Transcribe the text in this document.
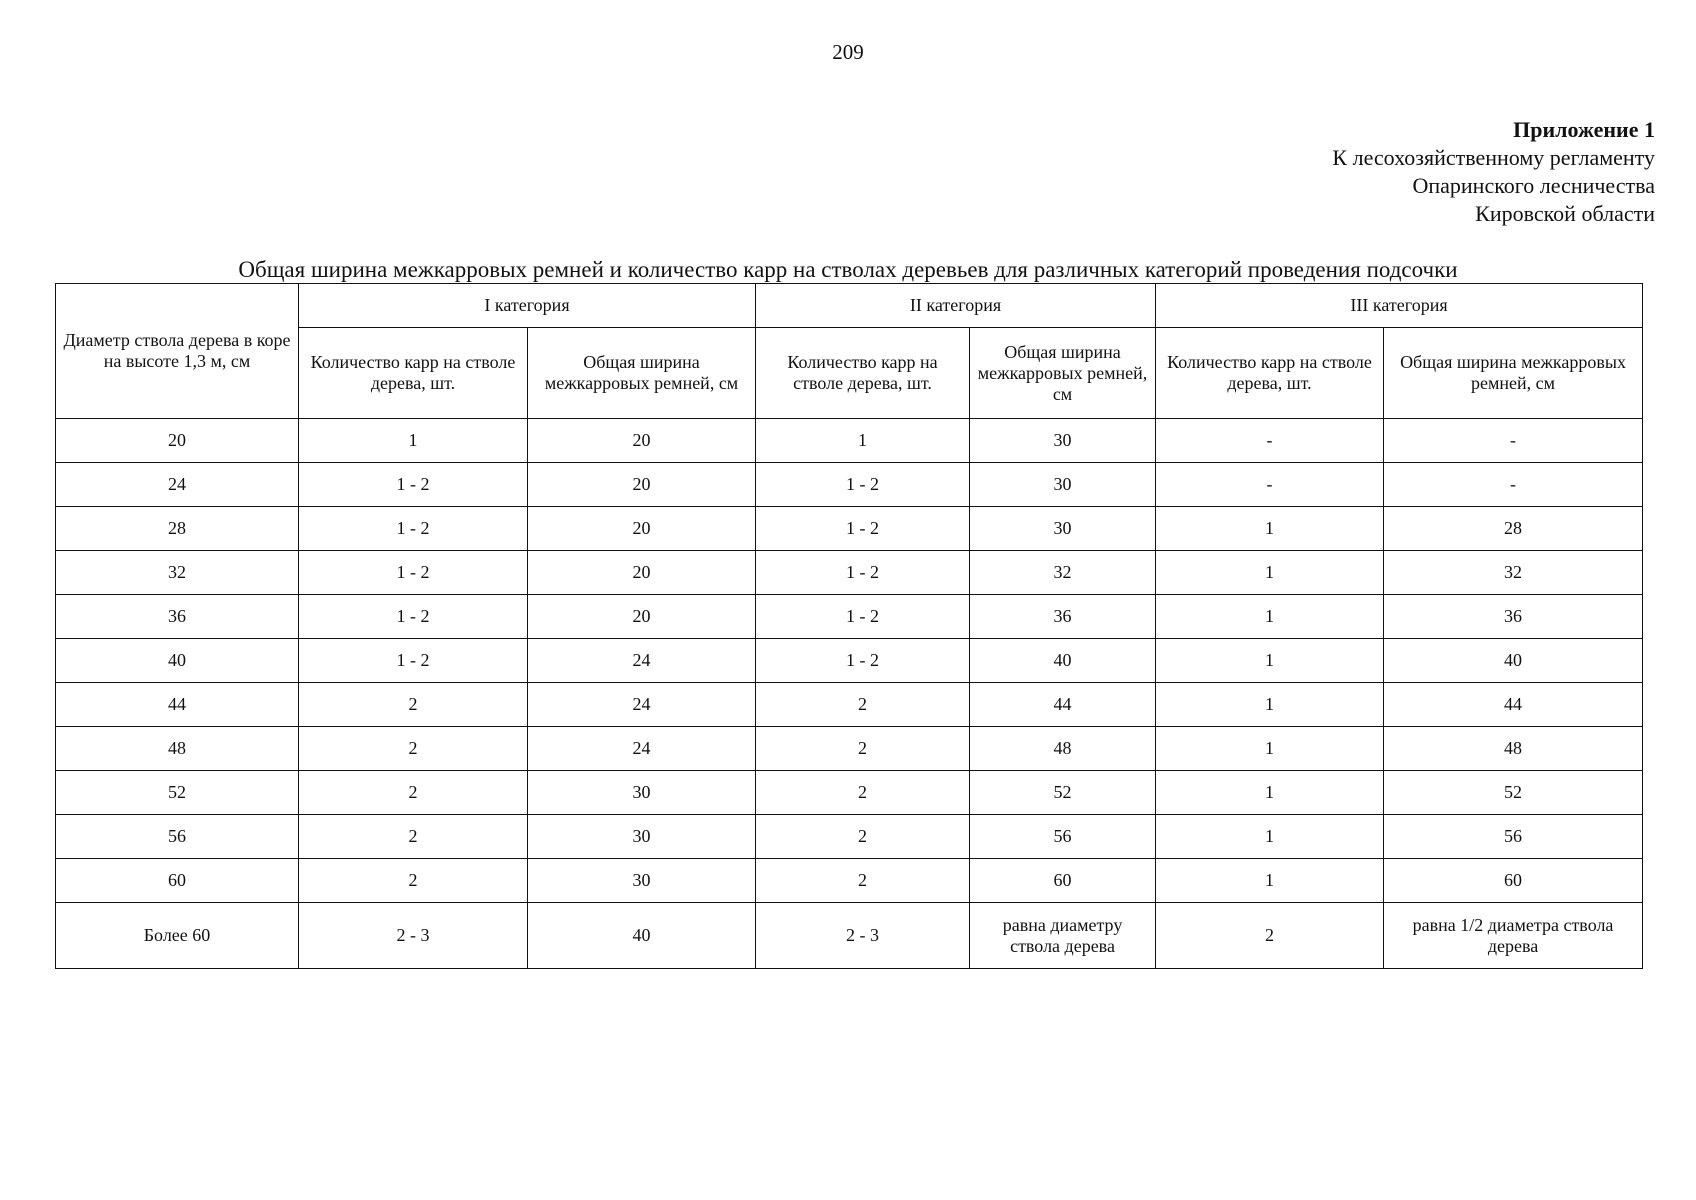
209
Приложение 1
К лесохозяйственному регламенту
Опаринского лесничества
Кировской области
Общая ширина межкарровых ремней и количество карр на стволах деревьев для различных категорий проведения подсочки
Диаметр ствола дерева в коре на высоте 1,3 м, см	I категория		II категория		III категория	
	Количество карр на стволе дерева, шт.	Общая ширина межкарровых ремней, см	Количество карр на стволе дерева, шт.	Общая ширина межкарровых ремней, см	Количество карр на стволе дерева, шт.	Общая ширина межкарровых ремней, см
20	1	20	1	30	-	-
24	1 - 2	20	1 - 2	30	-	-
28	1 - 2	20	1 - 2	30	1	28
32	1 - 2	20	1 - 2	32	1	32
36	1 - 2	20	1 - 2	36	1	36
40	1 - 2	24	1 - 2	40	1	40
44	2	24	2	44	1	44
48	2	24	2	48	1	48
52	2	30	2	52	1	52
56	2	30	2	56	1	56
60	2	30	2	60	1	60
Более 60	2 - 3	40	2 - 3	равна диаметру ствола дерева	2	равна 1/2 диаметра ствола дерева
